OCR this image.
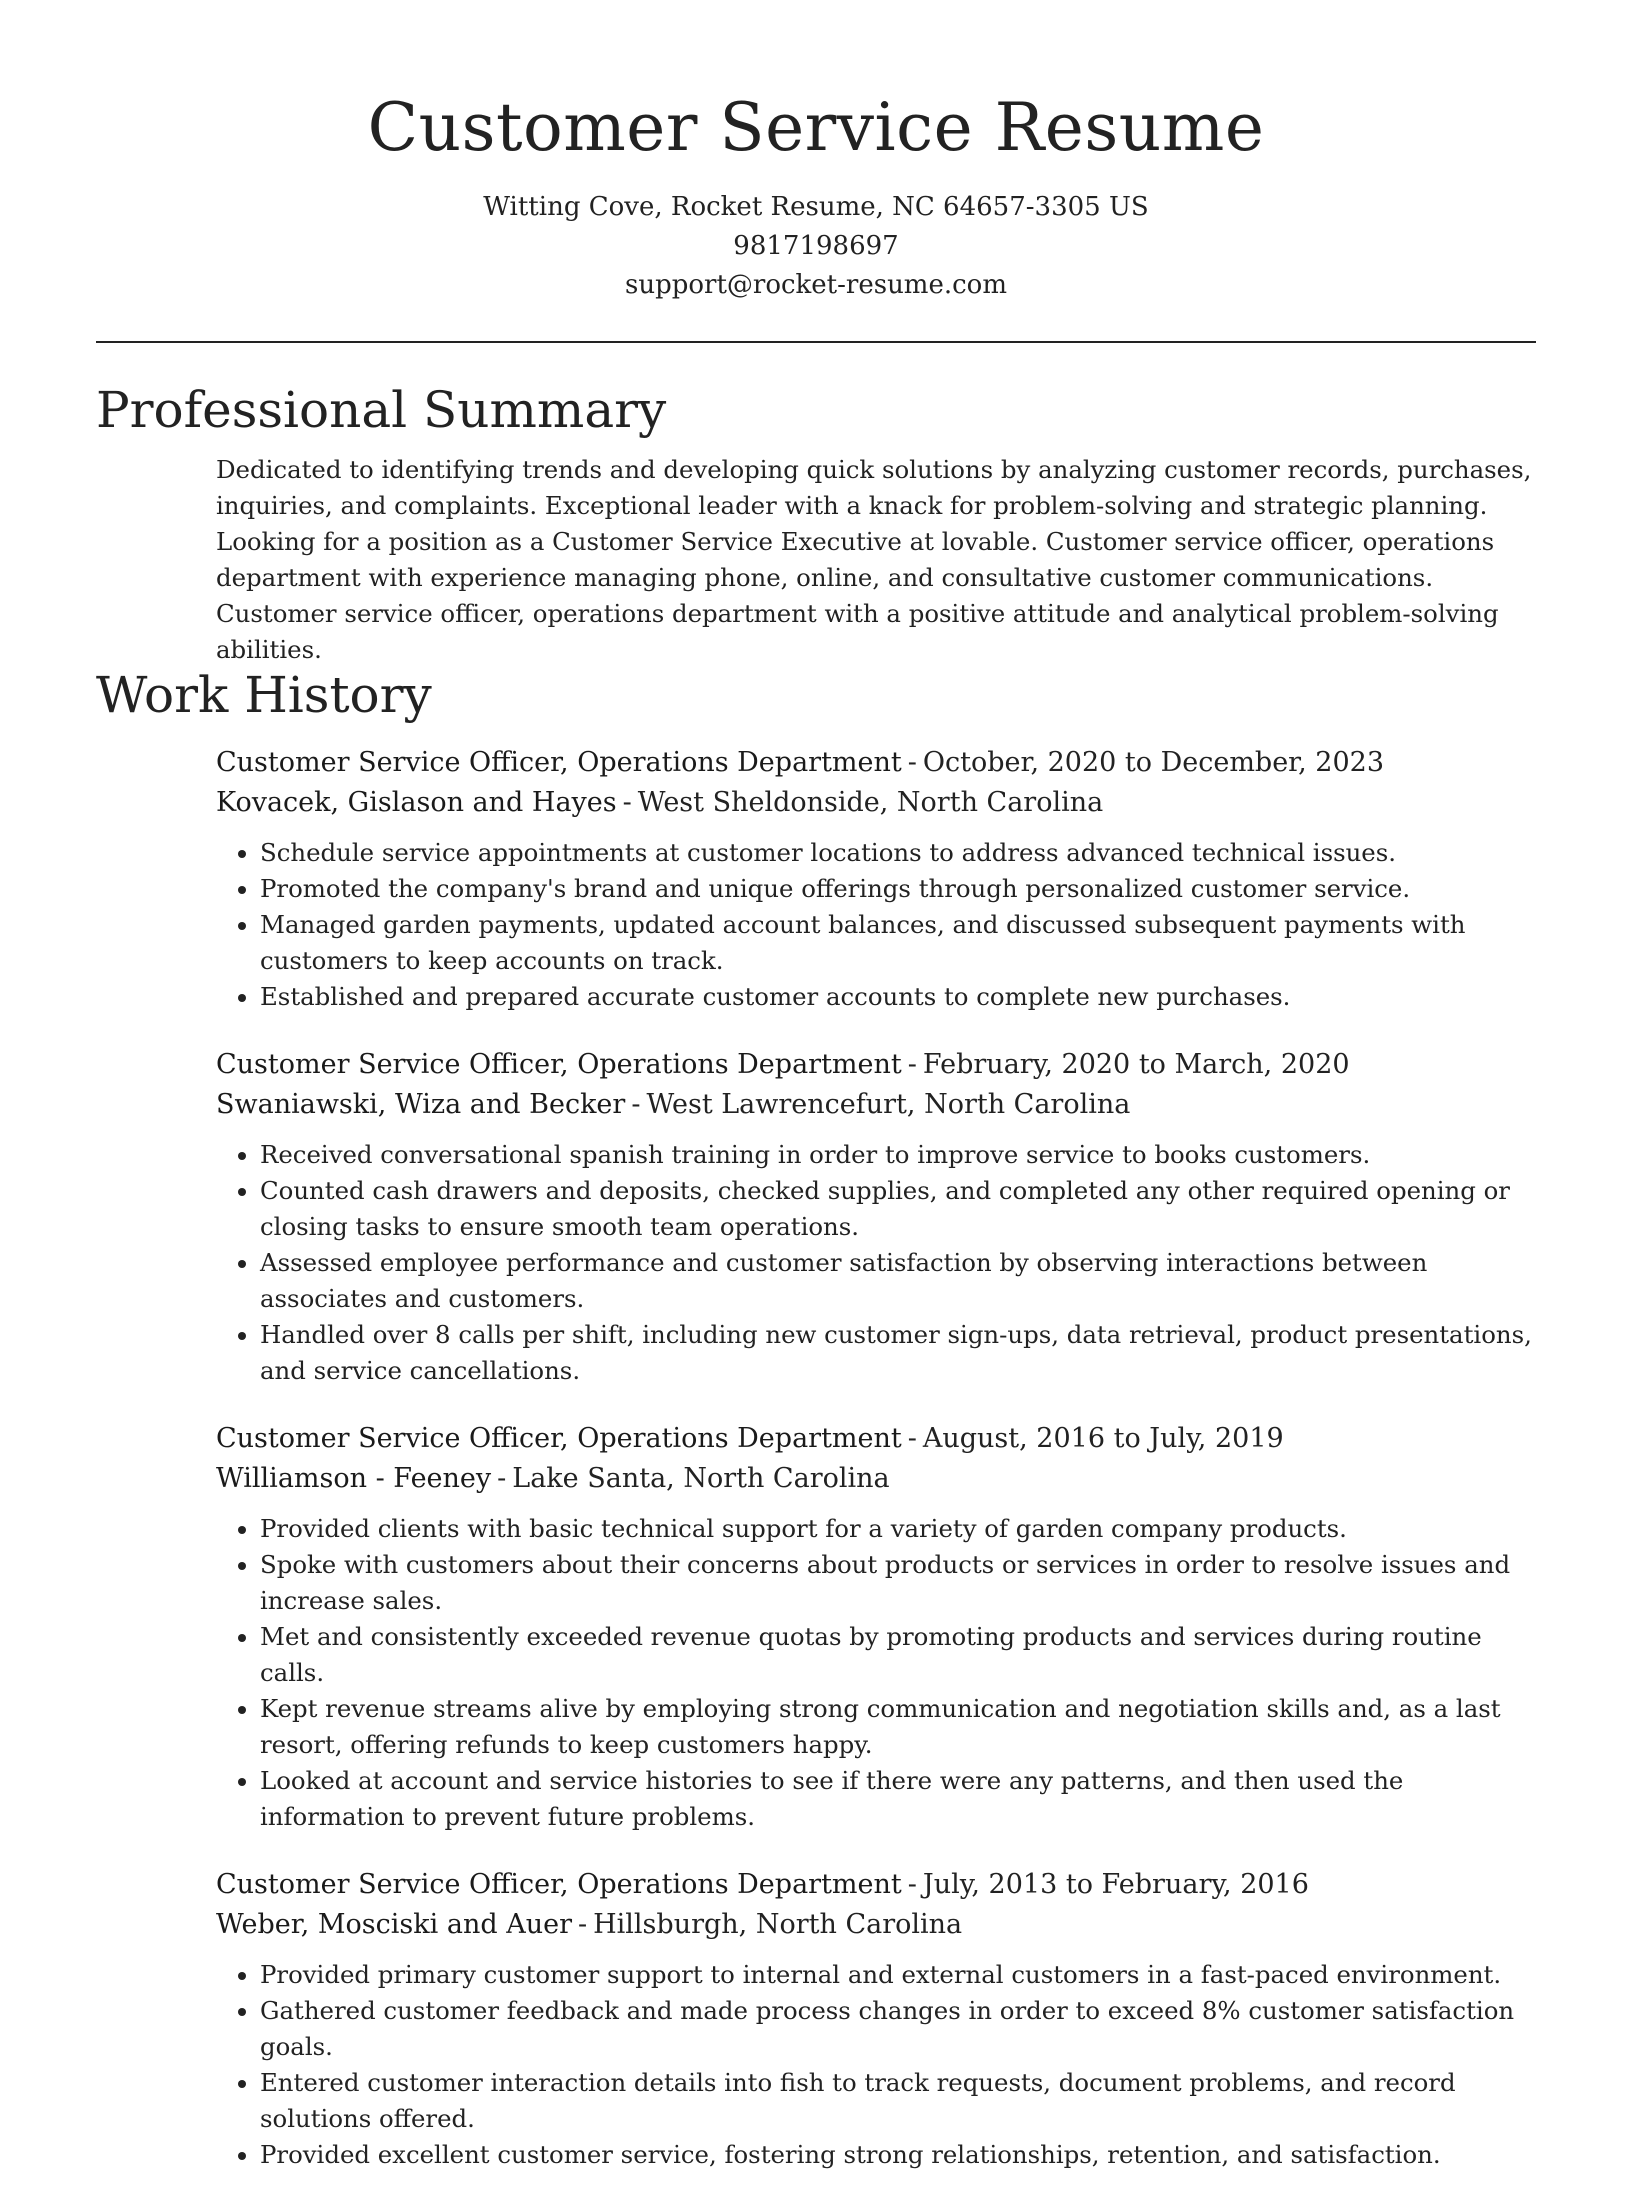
Customer Service Resume
Witting Cove, Rocket Resume, NC 64657-3305 US
9817198697
support@rocket-resume.com
Professional Summary

Dedicated to identifying trends and developing quick solutions by analyzing customer records, purchases, inquiries, and complaints. Exceptional leader with a knack for problem-solving and strategic planning. Looking for a position as a Customer Service Executive at lovable. Customer service officer, operations department with experience managing phone, online, and consultative customer communications. Customer service officer, operations department with a positive attitude and analytical problem-solving abilities.

Work History
Customer Service Officer, Operations Department - October, 2020 to December, 2023
Kovacek, Gislason and Hayes - West Sheldonside, North Carolina
• Schedule service appointments at customer locations to address advanced technical issues.
• Promoted the company's brand and unique offerings through personalized customer service.
• Managed garden payments, updated account balances, and discussed subsequent payments with customers to keep accounts on track.
• Established and prepared accurate customer accounts to complete new purchases.
Customer Service Officer, Operations Department - February, 2020 to March, 2020
Swaniawski, Wiza and Becker - West Lawrencefurt, North Carolina
• Received conversational spanish training in order to improve service to books customers.
• Counted cash drawers and deposits, checked supplies, and completed any other required opening or closing tasks to ensure smooth team operations.
• Assessed employee performance and customer satisfaction by observing interactions between associates and customers.
• Handled over 8 calls per shift, including new customer sign-ups, data retrieval, product presentations, and service cancellations.
Customer Service Officer, Operations Department - August, 2016 to July, 2019
Williamson - Feeney - Lake Santa, North Carolina
• Provided clients with basic technical support for a variety of garden company products.
• Spoke with customers about their concerns about products or services in order to resolve issues and increase sales.
• Met and consistently exceeded revenue quotas by promoting products and services during routine calls.
• Kept revenue streams alive by employing strong communication and negotiation skills and, as a last resort, offering refunds to keep customers happy.
• Looked at account and service histories to see if there were any patterns, and then used the information to prevent future problems.
Customer Service Officer, Operations Department - July, 2013 to February, 2016
Weber, Mosciski and Auer - Hillsburgh, North Carolina
• Provided primary customer support to internal and external customers in a fast-paced environment.
• Gathered customer feedback and made process changes in order to exceed 8% customer satisfaction goals.
• Entered customer interaction details into fish to track requests, document problems, and record solutions offered.
• Provided excellent customer service, fostering strong relationships, retention, and satisfaction.
